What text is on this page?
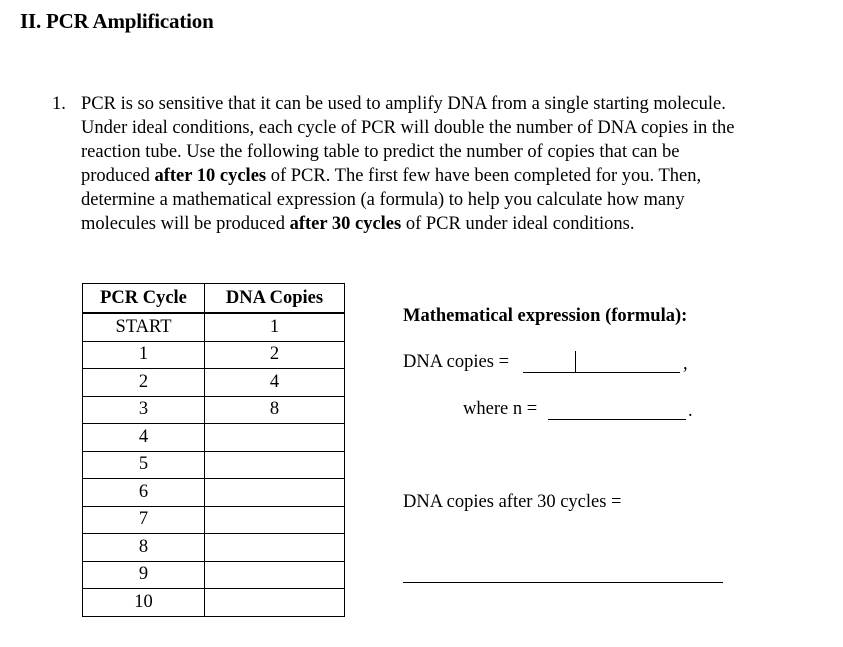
II. PCR Amplification
1. PCR is so sensitive that it can be used to amplify DNA from a single starting molecule.
Under ideal conditions, each cycle of PCR will double the number of DNA copies in the
reaction tube. Use the following table to predict the number of copies that can be
produced after 10 cycles of PCR. The first few have been completed for you. Then,
determine a mathematical expression (a formula) to help you calculate how many
molecules will be produced after 30 cycles of PCR under ideal conditions.
PCR Cycle	DNA Copies
START	1
1	2
2	4
3	8
4	
5	
6	
7	
8	
9	
10	
Mathematical expression (formula):
DNA copies =	,
where n =	.
DNA copies after 30 cycles =
